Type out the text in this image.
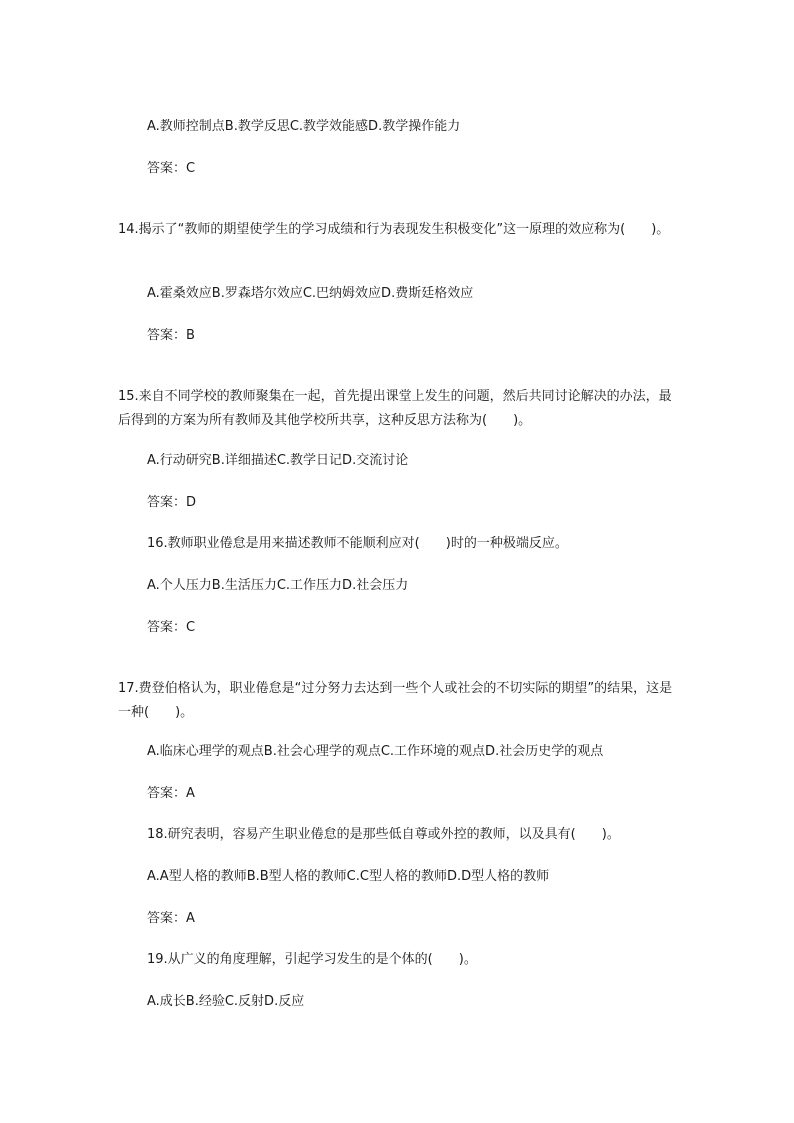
A.教师控制点B.教学反思C.教学效能感D.教学操作能力
答案：C

14.揭示了“教师的期望使学生的学习成绩和行为表现发生积极变化”这一原理的效应称为(　　)。

A.霍桑效应B.罗森塔尔效应C.巴纳姆效应D.费斯廷格效应
答案：B

15.来自不同学校的教师聚集在一起，首先提出课堂上发生的问题，然后共同讨论解决的办法，最后得到的方案为所有教师及其他学校所共享，这种反思方法称为(　　)。

A.行动研究B.详细描述C.教学日记D.交流讨论
答案：D
16.教师职业倦怠是用来描述教师不能顺利应对(　　)时的一种极端反应。
A.个人压力B.生活压力C.工作压力D.社会压力
答案：C

17.费登伯格认为，职业倦怠是“过分努力去达到一些个人或社会的不切实际的期望”的结果，这是一种(　　)。

A.临床心理学的观点B.社会心理学的观点C.工作环境的观点D.社会历史学的观点
答案：A
18.研究表明，容易产生职业倦怠的是那些低自尊或外控的教师，以及具有(　　)。
A.A型人格的教师B.B型人格的教师C.C型人格的教师D.D型人格的教师
答案：A
19.从广义的角度理解，引起学习发生的是个体的(　　)。
A.成长B.经验C.反射D.反应
